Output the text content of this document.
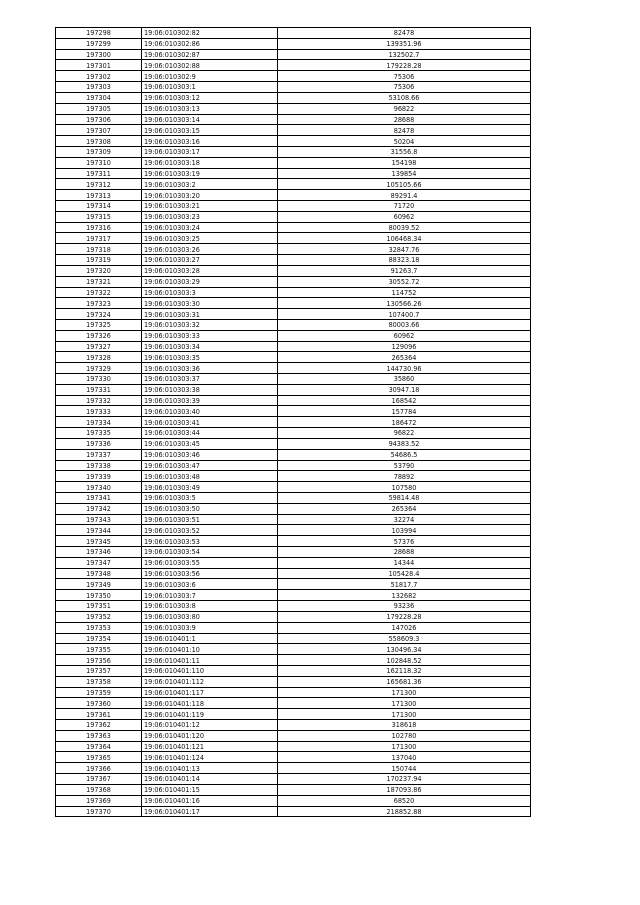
197298	19:06:010302:82	82478
197299	19:06:010302:86	139351.96
197300	19:06:010302:87	132502.7
197301	19:06:010302:88	179228.28
197302	19:06:010302:9	75306
197303	19:06:010303:1	75306
197304	19:06:010303:12	53108.66
197305	19:06:010303:13	96822
197306	19:06:010303:14	28688
197307	19:06:010303:15	82478
197308	19:06:010303:16	50204
197309	19:06:010303:17	31556.8
197310	19:06:010303:18	154198
197311	19:06:010303:19	139854
197312	19:06:010303:2	105105.66
197313	19:06:010303:20	89291.4
197314	19:06:010303:21	71720
197315	19:06:010303:23	60962
197316	19:06:010303:24	80039.52
197317	19:06:010303:25	106468.34
197318	19:06:010303:26	32847.76
197319	19:06:010303:27	88323.18
197320	19:06:010303:28	91263.7
197321	19:06:010303:29	30552.72
197322	19:06:010303:3	114752
197323	19:06:010303:30	130566.26
197324	19:06:010303:31	107400.7
197325	19:06:010303:32	80003.66
197326	19:06:010303:33	60962
197327	19:06:010303:34	129096
197328	19:06:010303:35	265364
197329	19:06:010303:36	144730.96
197330	19:06:010303:37	35860
197331	19:06:010303:38	30947.18
197332	19:06:010303:39	168542
197333	19:06:010303:40	157784
197334	19:06:010303:41	186472
197335	19:06:010303:44	96822
197336	19:06:010303:45	94383.52
197337	19:06:010303:46	54686.5
197338	19:06:010303:47	53790
197339	19:06:010303:48	78892
197340	19:06:010303:49	107580
197341	19:06:010303:5	59814.48
197342	19:06:010303:50	265364
197343	19:06:010303:51	32274
197344	19:06:010303:52	103994
197345	19:06:010303:53	57376
197346	19:06:010303:54	28688
197347	19:06:010303:55	14344
197348	19:06:010303:56	105428.4
197349	19:06:010303:6	51817.7
197350	19:06:010303:7	132682
197351	19:06:010303:8	93236
197352	19:06:010303:80	179228.28
197353	19:06:010303:9	147026
197354	19:06:010401:1	558609.3
197355	19:06:010401:10	130496.34
197356	19:06:010401:11	102848.52
197357	19:06:010401:110	162118.32
197358	19:06:010401:112	165681.36
197359	19:06:010401:117	171300
197360	19:06:010401:118	171300
197361	19:06:010401:119	171300
197362	19:06:010401:12	318618
197363	19:06:010401:120	102780
197364	19:06:010401:121	171300
197365	19:06:010401:124	137040
197366	19:06:010401:13	150744
197367	19:06:010401:14	170237.94
197368	19:06:010401:15	187093.86
197369	19:06:010401:16	68520
197370	19:06:010401:17	218852.88
